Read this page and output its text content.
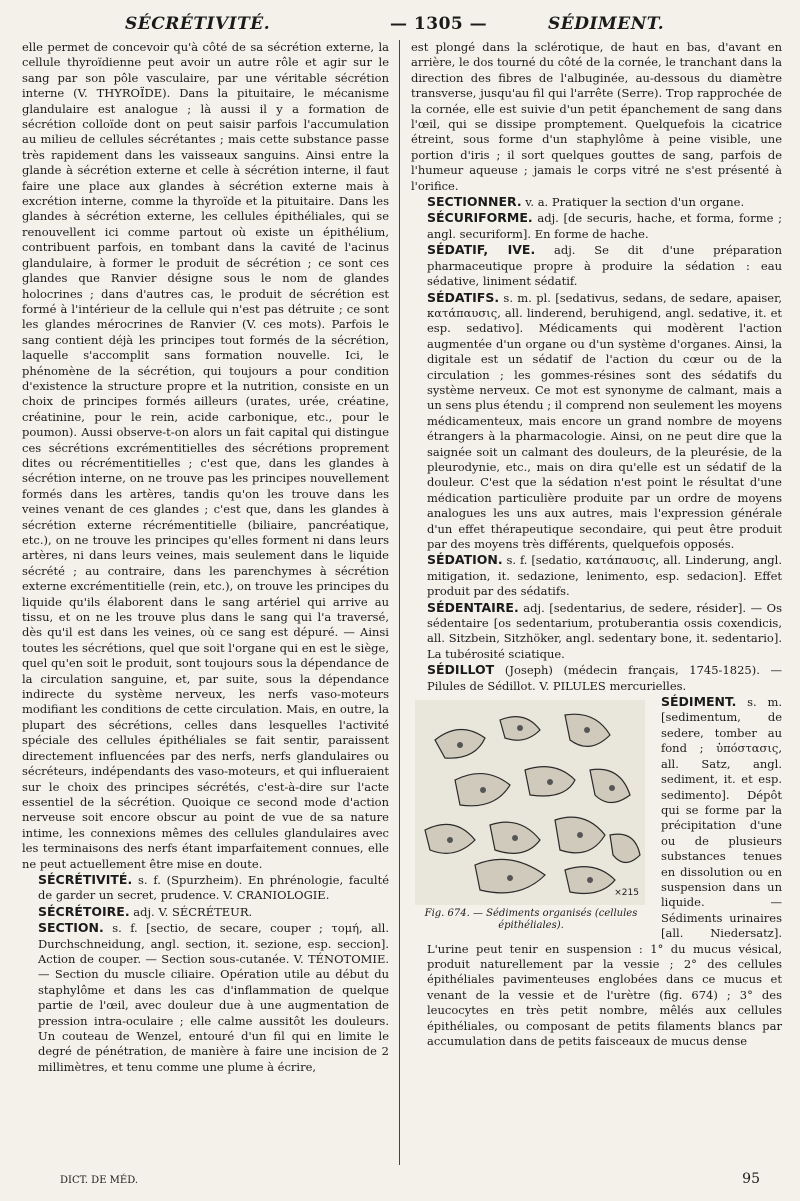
SÉCRÉTIVITÉ.	— 1305 —	SÉDIMENT.

elle permet de concevoir qu'à côté de sa sécrétion externe, la cellule thyroïdienne peut avoir un autre rôle et agir sur le sang par son pôle vasculaire, par une véritable sécrétion interne (V. THYROÏDE). Dans la pituitaire, le mécanisme glandulaire est analogue ; là aussi il y a formation de sécrétion colloïde dont on peut saisir parfois l'accumulation au milieu de cellules sécrétantes ; mais cette substance passe très rapidement dans les vaisseaux sanguins. Ainsi entre la glande à sécrétion externe et celle à sécrétion interne, il faut faire une place aux glandes à sécrétion externe mais à excrétion interne, comme la thyroïde et la pituitaire. Dans les glandes à sécrétion externe, les cellules épithéliales, qui se renouvellent ici comme partout où existe un épithélium, contribuent parfois, en tombant dans la cavité de l'acinus glandulaire, à former le produit de sécrétion ; ce sont ces glandes que Ranvier désigne sous le nom de glandes holocrines ; dans d'autres cas, le produit de sécrétion est formé à l'intérieur de la cellule qui n'est pas détruite ; ce sont les glandes mérocrines de Ranvier (V. ces mots). Parfois le sang contient déjà les principes tout formés de la sécrétion, laquelle s'accomplit sans formation nouvelle. Ici, le phénomène de la sécrétion, qui toujours a pour condition d'existence la structure propre et la nutrition, consiste en un choix de principes formés ailleurs (urates, urée, créatine, créatinine, pour le rein, acide carbonique, etc., pour le poumon). Aussi observe-t-on alors un fait capital qui distingue ces sécrétions excrémentitielles des sécrétions proprement dites ou récrémentitielles ; c'est que, dans les glandes à sécrétion interne, on ne trouve pas les principes nouvellement formés dans les artères, tandis qu'on les trouve dans les veines venant de ces glandes ; c'est que, dans les glandes à sécrétion externe récrémentitielle (biliaire, pancréatique, etc.), on ne trouve les principes qu'elles forment ni dans leurs artères, ni dans leurs veines, mais seulement dans le liquide sécrété ; au contraire, dans les parenchymes à sécrétion externe excrémentitielle (rein, etc.), on trouve les principes du liquide qu'ils élaborent dans le sang artériel qui arrive au tissu, et on ne les trouve plus dans le sang qui l'a traversé, dès qu'il est dans les veines, où ce sang est dépuré. — Ainsi toutes les sécrétions, quel que soit l'organe qui en est le siège, quel qu'en soit le produit, sont toujours sous la dépendance de la circulation sanguine, et, par suite, sous la dépendance indirecte du système nerveux, les nerfs vaso-moteurs modifiant les conditions de cette circulation. Mais, en outre, la plupart des sécrétions, celles dans lesquelles l'activité spéciale des cellules épithéliales se fait sentir, paraissent directement influencées par des nerfs, nerfs glandulaires ou sécréteurs, indépendants des vaso-moteurs, et qui influeraient sur le choix des principes sécrétés, c'est-à-dire sur l'acte essentiel de la sécrétion. Quoique ce second mode d'action nerveuse soit encore obscur au point de vue de sa nature intime, les connexions mêmes des cellules glandulaires avec les terminaisons des nerfs étant imparfaitement connues, elle ne peut actuellement être mise en doute.

SÉCRÉTIVITÉ. s. f. (Spurzheim). En phrénologie, faculté de garder un secret, prudence. V. CRANIOLOGIE.

SÉCRÉTOIRE. adj. V. SÉCRÉTEUR.

SECTION. s. f. [sectio, de secare, couper ; τομή, all. Durchschneidung, angl. section, it. sezione, esp. seccion]. Action de couper. — Section sous-cutanée. V. TÉNOTOMIE. — Section du muscle ciliaire. Opération utile au début du staphylôme et dans les cas d'inflammation de quelque partie de l'œil, avec douleur due à une augmentation de pression intra-oculaire ; elle calme aussitôt les douleurs. Un couteau de Wenzel, entouré d'un fil qui en limite le degré de pénétration, de manière à faire une incision de 2 millimètres, et tenu comme une plume à écrire,

est plongé dans la sclérotique, de haut en bas, d'avant en arrière, le dos tourné du côté de la cornée, le tranchant dans la direction des fibres de l'albuginée, au-dessous du diamètre transverse, jusqu'au fil qui l'arrête (Serre). Trop rapprochée de la cornée, elle est suivie d'un petit épanchement de sang dans l'œil, qui se dissipe promptement. Quelquefois la cicatrice étreint, sous forme d'un staphylôme à peine visible, une portion d'iris ; il sort quelques gouttes de sang, parfois de l'humeur aqueuse ; jamais le corps vitré ne s'est présenté à l'orifice.

SECTIONNER. v. a. Pratiquer la section d'un organe.

SÉCURIFORME. adj. [de securis, hache, et forma, forme ; angl. securiform]. En forme de hache.

SÉDATIF, IVE. adj. Se dit d'une préparation pharmaceutique propre à produire la sédation : eau sédative, liniment sédatif.

SÉDATIFS. s. m. pl. [sedativus, sedans, de sedare, apaiser, κατάπαυσις, all. linderend, beruhigend, angl. sedative, it. et esp. sedativo]. Médicaments qui modèrent l'action augmentée d'un organe ou d'un système d'organes. Ainsi, la digitale est un sédatif de l'action du cœur ou de la circulation ; les gommes-résines sont des sédatifs du système nerveux. Ce mot est synonyme de calmant, mais a un sens plus étendu ; il comprend non seulement les moyens médicamenteux, mais encore un grand nombre de moyens étrangers à la pharmacologie. Ainsi, on ne peut dire que la saignée soit un calmant des douleurs, de la pleurésie, de la pleurodynie, etc., mais on dira qu'elle est un sédatif de la douleur. C'est que la sédation n'est point le résultat d'une médication particulière produite par un ordre de moyens analogues les uns aux autres, mais l'expression générale d'un effet thérapeutique secondaire, qui peut être produit par des moyens très différents, quelquefois opposés.

SÉDATION. s. f. [sedatio, κατάπαυσις, all. Linderung, angl. mitigation, it. sedazione, lenimento, esp. sedacion]. Effet produit par des sédatifs.

SÉDENTAIRE. adj. [sedentarius, de sedere, résider]. — Os sédentaire [os sedentarium, protuberantia ossis coxendicis, all. Sitzbein, Sitzhöker, angl. sedentary bone, it. sedentario]. La tubérosité sciatique.

SÉDILLOT (Joseph) (médecin français, 1745-1825). — Pilules de Sédillot. V. PILULES mercurielles.

×215
Fig. 674. — Sédiments organisés (cellules épithéliales).

SÉDIMENT. s. m. [sedimentum, de sedere, tomber au fond ; ὑπόστασις, all. Satz, angl. sediment, it. et esp. sedimento]. Dépôt qui se forme par la précipitation d'une ou de plusieurs substances tenues en dissolution ou en suspension dans un liquide. — Sédiments urinaires [all. Niedersatz]. L'urine peut tenir en suspension : 1° du mucus vésical, produit naturellement par la vessie ; 2° des cellules épithéliales pavimenteuses englobées dans ce mucus et venant de la vessie et de l'urètre (fig. 674) ; 3° des leucocytes en très petit nombre, mêlés aux cellules épithéliales, ou composant de petits filaments blancs par accumulation dans de petits faisceaux de mucus dense

DICT. DE MÉD.	95
